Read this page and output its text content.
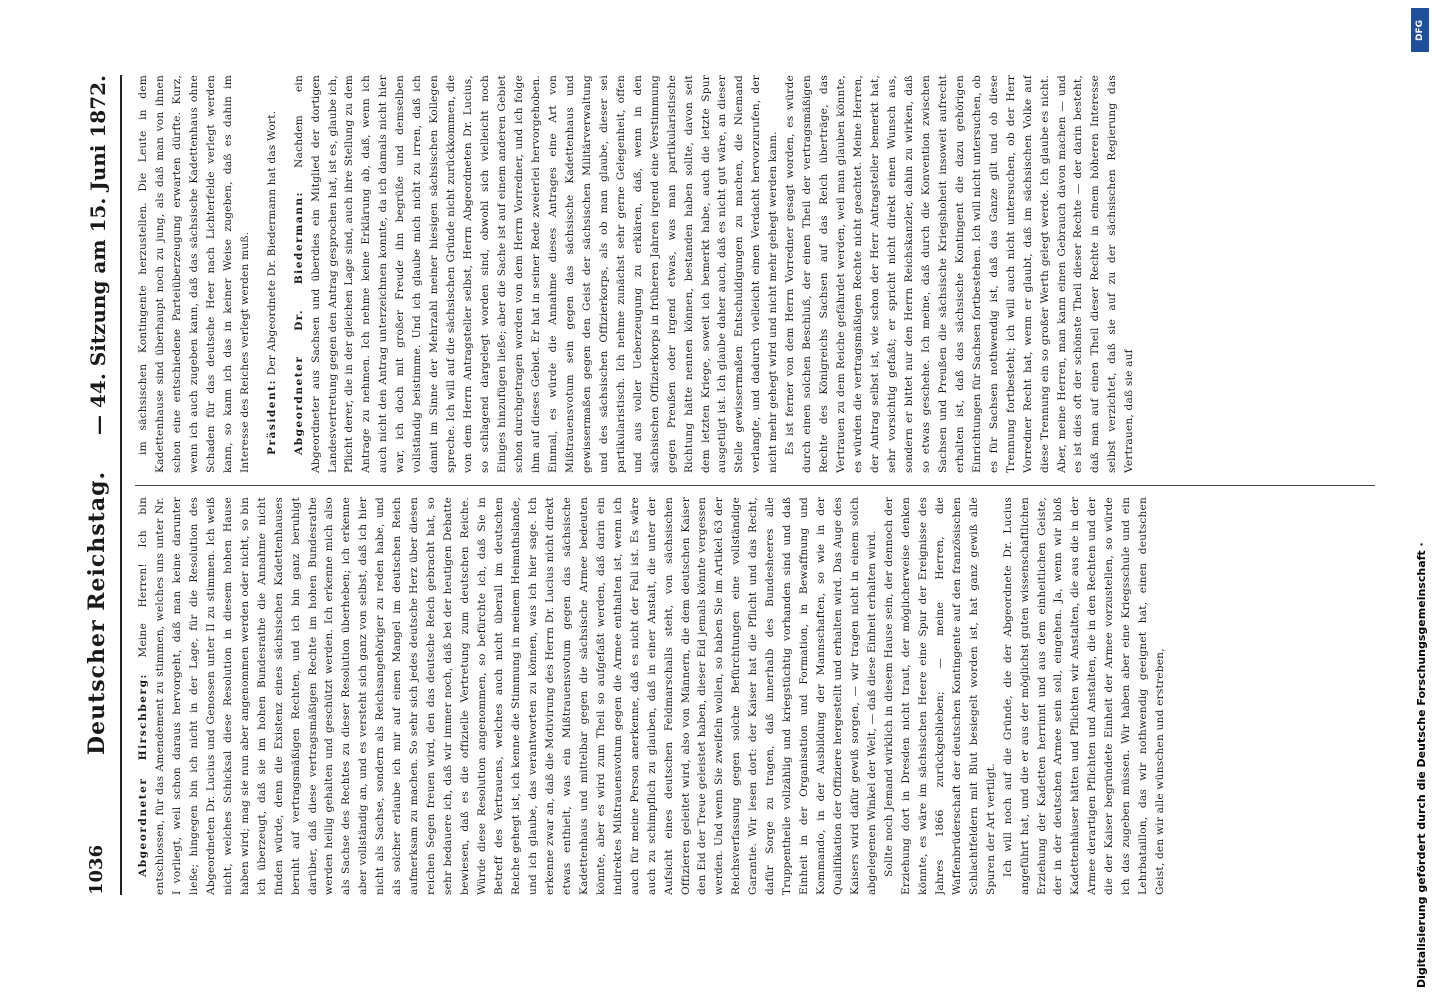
1036
Deutscher Reichstag.
— 44. Sitzung am 15. Juni 1872.

Abgeordneter Hirschberg: Meine Herren! Ich bin entschlossen, für das Amendement zu stimmen, welches uns unter Nr. I vorliegt, weil schon daraus hervorgeht, daß man keine darunter ließe; hingegen bin ich nicht in der Lage, für die Resolution des Abgeordneten Dr. Lucius und Genossen unter II zu stimmen. Ich weiß nicht, welches Schicksal diese Resolution in diesem hohen Hause haben wird; mag sie nun aber angenommen werden oder nicht, so bin ich überzeugt, daß sie im hohen Bundesrathe die Annahme nicht finden würde, denn die Existenz eines sächsischen Kadettenhauses beruht auf vertragsmäßigen Rechten, und ich bin ganz beruhigt darüber, daß diese vertragsmäßigen Rechte im hohen Bundesrathe werden heilig gehalten und geschützt werden. Ich erkenne mich also als Sachse des Rechtes zu dieser Resolution überheben; ich erkenne aber vollständig an, und es versteht sich ganz von selbst, daß ich hier nicht als Sachse, sondern als Reichsangehöriger zu reden habe, und als solcher erlaube ich mir auf einen Mangel im deutschen Reich aufmerksam zu machen. So sehr sich jedes deutsche Herz über diesen reichen Segen freuen wird, den das deutsche Reich gebracht hat, so sehr bedauere ich, daß wir immer noch, daß bei der heutigen Debatte bewiesen, daß es die offizielle Vertretung zum deutschen Reiche. Würde diese Resolution angenommen, so befürchte ich, daß Sie in Betreff des Vertrauens, welches auch nicht überall im deutschen Reiche gehegt ist, ich kenne die Stimmung in meinem Heimathslande, und ich glaube, das verantworten zu können, was ich hier sage. Ich erkenne zwar an, daß die Motivirung des Herrn Dr. Lucius nicht direkt etwas enthielt, was ein Mißtrauensvotum gegen das sächsische Kadettenhaus und mittelbar gegen die sächsische Armee bedeuten könnte, aber es wird zum Theil so aufgefaßt werden, daß darin ein indirektes Mißtrauensvotum gegen die Armee enthalten ist, wenn ich auch für meine Person anerkenne, daß es nicht der Fall ist. Es wäre auch zu schimpflich zu glauben, daß in einer Anstalt, die unter der Aufsicht eines deutschen Feldmarschalls steht, von sächsischen Offizieren geleitet wird, also von Männern, die dem deutschen Kaiser den Eid der Treue geleistet haben, dieser Eid jemals könnte vergessen werden. Und wenn Sie zweifeln wollen, so haben Sie im Artikel 63 der Reichsverfassung gegen solche Befürchtungen eine vollständige Garantie. Wir lesen dort: der Kaiser hat die Pflicht und das Recht, dafür Sorge zu tragen, daß innerhalb des Bundesheeres alle Truppentheile vollzählig und kriegstüchtig vorhanden sind und daß Einheit in der Organisation und Formation, in Bewaffnung und Kommando, in der Ausbildung der Mannschaften, so wie in der Qualifikation der Offiziere hergestellt und erhalten wird. Das Auge des Kaisers wird dafür gewiß sorgen, — wir tragen nicht in einem solch abgelegenen Winkel der Welt, — daß diese Einheit erhalten wird. Sollte noch Jemand wirklich in diesem Hause sein, der dennoch der Erziehung dort in Dresden nicht traut, der möglicherweise denken könnte, es wäre im sächsischen Heere eine Spur der Ereignisse des Jahres 1866 zurückgeblieben; — meine Herren, die Waffenbrüderschaft der deutschen Kontingente auf den französischen Schlachtfeldern mit Blut besiegelt worden ist, hat ganz gewiß alle Spuren der Art vertilgt. Ich will noch auf die Gründe, die der Abgeordnete Dr. Lucius angeführt hat, und die er aus der möglichst guten wissenschaftlichen Erziehung der Kadetten herrinnt und aus dem einheitlichen Geiste, der in der deutschen Armee sein soll, eingehen. Ja, wenn wir bloß Kadettenhäuser hätten und Pflichten wir Anstalten, die aus die in der Armee derartigen Pflichten und Anstalten, die in den Rechten und der die der Kaiser begründete Einheit der Armee vorzustellen, so würde ich das zugeben müssen. Wir haben aber eine Kriegsschule und ein Lehrbataillon, das wir nothwendig geeignet hat, einen deutschen Geist, den wir alle wünschen und erstreben,

im sächsischen Kontingente herzustellen. Die Leute in dem Kadettenhause sind überhaupt noch zu jung, als daß man von ihnen schon eine entschiedene Parteiüberzeugung erwarten dürfte. Kurz, wenn ich auch zugeben kann, daß das sächsische Kadettenhaus ohne Schaden für das deutsche Heer nach Lichterfelde verlegt werden kann, so kann ich das in keiner Weise zugeben, daß es dahin im Interesse des Reiches verlegt werden muß. Präsident: Der Abgeordnete Dr. Biedermann hat das Wort. Abgeordneter Dr. Biedermann: Nachdem ein Abgeordneter aus Sachsen und überdies ein Mitglied der dortigen Landesvertretung gegen den Antrag gesprochen hat, ist es, glaube ich, Pflicht derer, die in der gleichen Lage sind, auch ihre Stellung zu dem Antrage zu nehmen. Ich nehme keine Erklärung ab, daß, wenn ich auch nicht den Antrag unterzeichnen konnte, da ich damals nicht hier war, ich doch mit großer Freude ihn begrüße und demselben vollständig beistimme. Und ich glaube mich nicht zu irren, daß ich damit im Sinne der Mehrzahl meiner hiesigen sächsischen Kollegen spreche. Ich will auf die sächsischen Gründe nicht zurückkommen, die von dem Herrn Antragsteller selbst, Herrn Abgeordneten Dr. Lucius, so schlagend dargelegt worden sind, obwohl sich vielleicht noch Einiges hinzufügen ließe; aber die Sache ist auf einem anderen Gebiet schon durchgetragen worden von dem Herrn Vorredner, und ich folge ihm auf dieses Gebiet. Er hat in seiner Rede zweierlei hervorgehoben. Einmal, es würde die Annahme dieses Antrages eine Art von Mißtrauensvotum sein gegen das sächsische Kadettenhaus und gewissermaßen gegen den Geist der sächsischen Militärverwaltung und des sächsischen Offizierkorps, als ob man glaube, dieser sei partikularistisch. Ich nehme zunächst sehr gerne Gelegenheit, offen und aus voller Ueberzeugung zu erklären, daß, wenn in den sächsischen Offizierkorps in früheren Jahren irgend eine Verstimmung gegen Preußen oder irgend etwas, was man partikularistische Richtung hätte nennen können, bestanden haben sollte, davon seit dem letzten Kriege, soweit ich bemerkt habe, auch die letzte Spur ausgetilgt ist. Ich glaube daher auch, daß es nicht gut wäre, an dieser Stelle gewissermaßen Entschuldigungen zu machen, die Niemand verlangte, und dadurch vielleicht einen Verdacht hervorzurufen, der nicht mehr gehegt wird und nicht mehr gehegt werden kann. Es ist ferner von dem Herrn Vorredner gesagt worden, es würde durch einen solchen Beschluß, der einen Theil der vertragsmäßigen Rechte des Königreichs Sachsen auf das Reich überträge, das Vertrauen zu dem Reiche gefährdet werden, weil man glauben könnte, es würden die vertragsmäßigen Rechte nicht geachtet. Meine Herren, der Antrag selbst ist, wie schon der Herr Antragsteller bemerkt hat, sehr vorsichtig gefaßt; er spricht nicht direkt einen Wunsch aus, sondern er bittet nur den Herrn Reichskanzler, dahin zu wirken, daß so etwas geschehe. Ich meine, daß durch die Konvention zwischen Sachsen und Preußen die sächsische Kriegshoheit insoweit aufrecht erhalten ist, daß das sächsische Kontingent die dazu gehörigen Einrichtungen für Sachsen fortbestehen. Ich will nicht untersuchen, ob es für Sachsen nothwendig ist, daß das Ganze gilt und ob diese Trennung fortbesteht; ich will auch nicht untersuchen, ob der Herr Vorredner Recht hat, wenn er glaubt, daß im sächsischen Volke auf diese Trennung ein so großer Werth gelegt werde. Ich glaube es nicht. Aber, meine Herren, man kann einen Gebrauch davon machen — und es ist dies oft der schönste Theil dieser Rechte — der darin besteht, daß man auf einen Theil dieser Rechte in einem höheren Interesse selbst verzichtet, daß sie auf zu der sächsischen Regierung das Vertrauen, daß sie auf

Digitalisierung gefördert durch die Deutsche Forschungsgemeinschaft ·
DFG
